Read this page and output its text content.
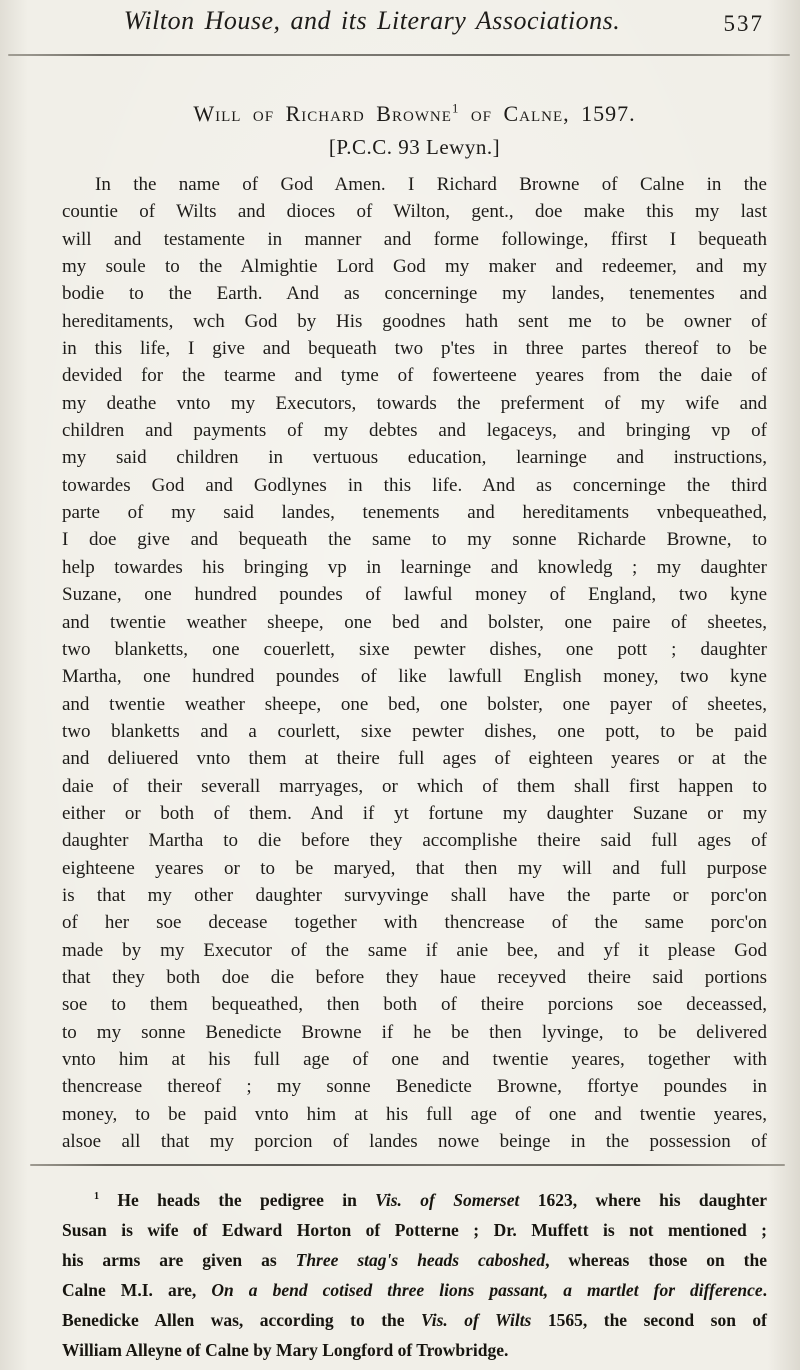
Wilton House, and its Literary Associations.	537
Will of Richard Browne$^1$ of Calne, 1597.
[P.C.C. 93 Lewyn.]
In the name of God Amen. I Richard Browne of Calne in the
countie of Wilts and dioces of Wilton, gent., doe make this my last
will and testamente in manner and forme followinge, ffirst I bequeath
my soule to the Almightie Lord God my maker and redeemer, and my
bodie to the Earth. And as concerninge my landes, tenementes and
hereditaments, wch God by His goodnes hath sent me to be owner of
in this life, I give and bequeath two p'tes in three partes thereof to be
devided for the tearme and tyme of fowerteene yeares from the daie of
my deathe vnto my Executors, towards the preferment of my wife and
children and payments of my debtes and legaceys, and bringing vp of
my said children in vertuous education, learninge and instructions,
towardes God and Godlynes in this life. And as concerninge the third
parte of my said landes, tenements and hereditaments vnbequeathed,
I doe give and bequeath the same to my sonne Richarde Browne, to
help towardes his bringing vp in learninge and knowledg ; my daughter
Suzane, one hundred poundes of lawful money of England, two kyne
and twentie weather sheepe, one bed and bolster, one paire of sheetes,
two blanketts, one couerlett, sixe pewter dishes, one pott ; daughter
Martha, one hundred poundes of like lawfull English money, two kyne
and twentie weather sheepe, one bed, one bolster, one payer of sheetes,
two blanketts and a courlett, sixe pewter dishes, one pott, to be paid
and deliuered vnto them at theire full ages of eighteen yeares or at the
daie of their severall marryages, or which of them shall first happen to
either or both of them. And if yt fortune my daughter Suzane or my
daughter Martha to die before they accomplishe theire said full ages of
eighteene yeares or to be maryed, that then my will and full purpose
is that my other daughter survyvinge shall have the parte or porc'on
of her soe decease together with thencrease of the same porc'on
made by my Executor of the same if anie bee, and yf it please God
that they both doe die before they haue receyved theire said portions
soe to them bequeathed, then both of theire porcions soe deceassed,
to my sonne Benedicte Browne if he be then lyvinge, to be delivered
vnto him at his full age of one and twentie yeares, together with
thencrease thereof ; my sonne Benedicte Browne, ffortye poundes in
money, to be paid vnto him at his full age of one and twentie yeares,
alsoe all that my porcion of landes nowe beinge in the possession of
$^1$ He heads the pedigree in Vis. of Somerset 1623, where his daughter
Susan is wife of Edward Horton of Potterne ; Dr. Muffett is not mentioned ;
his arms are given as Three stag's heads caboshed, whereas those on the
Calne M.I. are, On a bend cotised three lions passant, a martlet for difference.
Benedicke Allen was, according to the Vis. of Wilts 1565, the second son of
William Alleyne of Calne by Mary Longford of Trowbridge.
